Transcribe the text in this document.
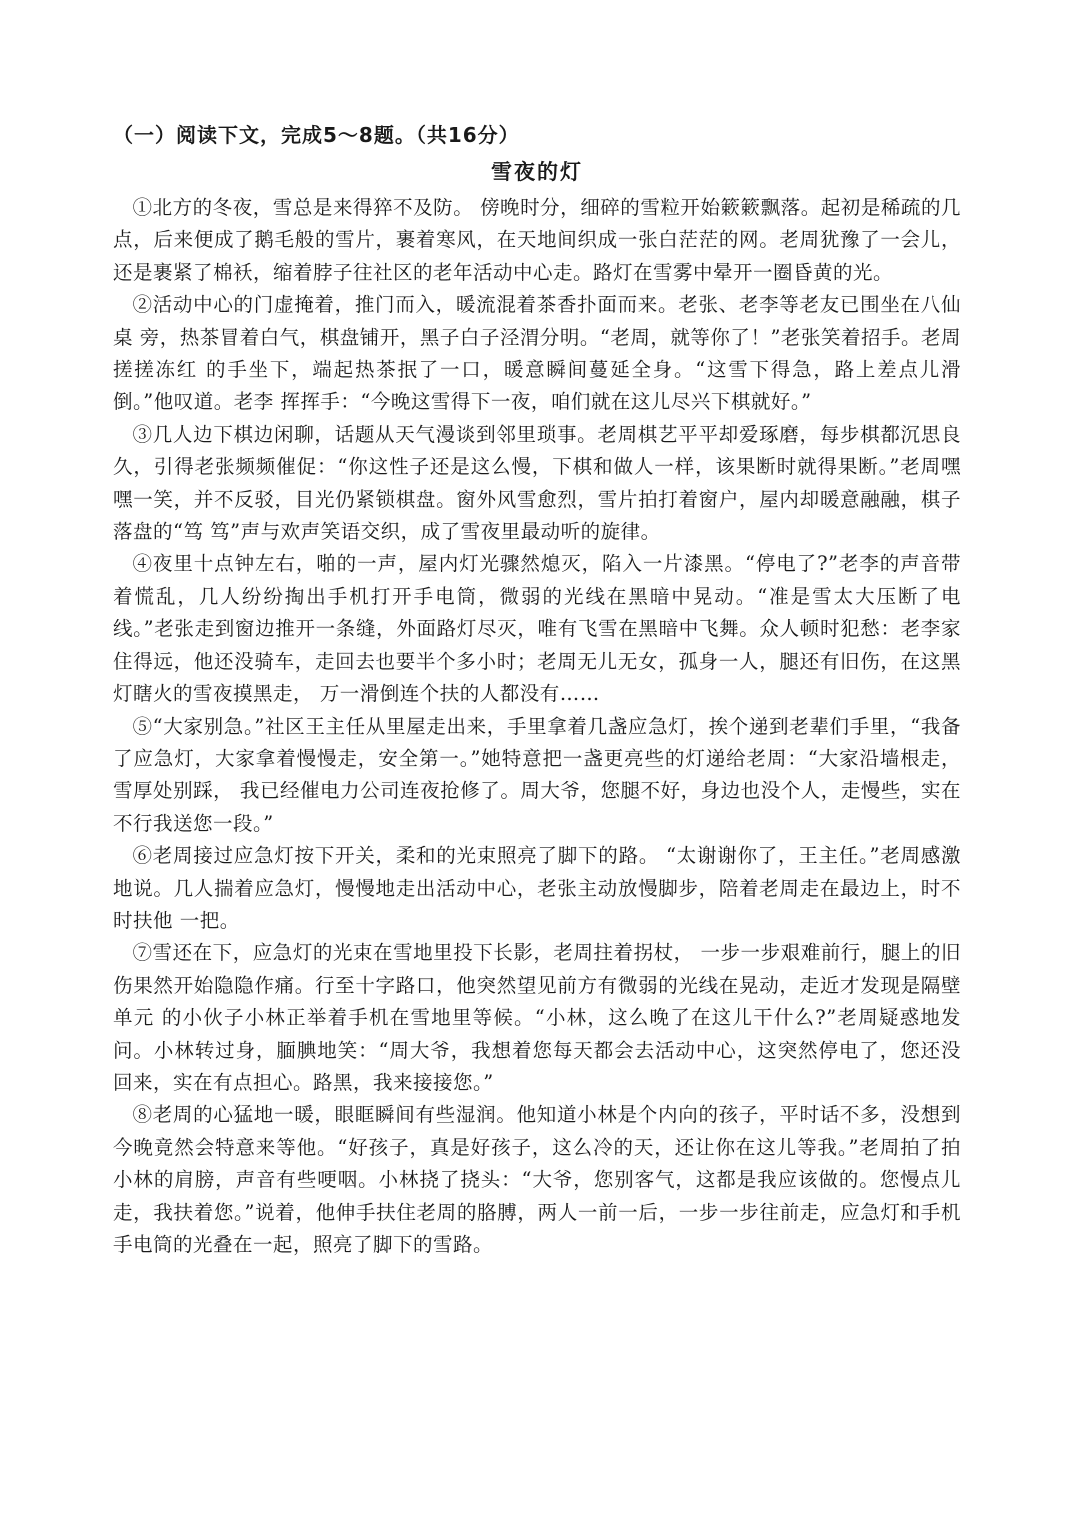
（一）阅读下文，完成5～8题。（共16分）

雪夜的灯

①北方的冬夜，雪总是来得猝不及防。 傍晚时分，细碎的雪粒开始簌簌飘落。起初是稀疏的几 点，后来便成了鹅毛般的雪片，裹着寒风，在天地间织成一张白茫茫的网。老周犹豫了一会儿，还是裹紧了棉袄，缩着脖子往社区的老年活动中心走。路灯在雪雾中晕开一圈昏黄的光。

②活动中心的门虚掩着，推门而入，暖流混着茶香扑面而来。老张、老李等老友已围坐在八仙桌 旁，热茶冒着白气，棋盘铺开，黑子白子泾渭分明。“老周，就等你了！”老张笑着招手。老周搓搓冻红 的手坐下，端起热茶抿了一口，暖意瞬间蔓延全身。“这雪下得急，路上差点儿滑倒。”他叹道。老李 挥挥手：“今晚这雪得下一夜，咱们就在这儿尽兴下棋就好。”

③几人边下棋边闲聊，话题从天气漫谈到邻里琐事。老周棋艺平平却爱琢磨，每步棋都沉思良久，引得老张频频催促：“你这性子还是这么慢，下棋和做人一样，该果断时就得果断。”老周嘿嘿一笑，并不反驳，目光仍紧锁棋盘。窗外风雪愈烈，雪片拍打着窗户，屋内却暖意融融，棋子落盘的“笃 笃”声与欢声笑语交织，成了雪夜里最动听的旋律。

④夜里十点钟左右，啪的一声，屋内灯光骤然熄灭，陷入一片漆黑。“停电了?”老李的声音带着慌乱，几人纷纷掏出手机打开手电筒，微弱的光线在黑暗中晃动。“准是雪太大压断了电线。”老张走到窗边推开一条缝，外面路灯尽灭，唯有飞雪在黑暗中飞舞。众人顿时犯愁：老李家住得远，他还没骑车，走回去也要半个多小时；老周无儿无女，孤身一人，腿还有旧伤，在这黑灯瞎火的雪夜摸黑走， 万一滑倒连个扶的人都没有……

⑤“大家别急。”社区王主任从里屋走出来，手里拿着几盏应急灯，挨个递到老辈们手里，“我备了应急灯，大家拿着慢慢走，安全第一。”她特意把一盏更亮些的灯递给老周：“大家沿墙根走，雪厚处别踩， 我已经催电力公司连夜抢修了。周大爷，您腿不好，身边也没个人，走慢些，实在不行我送您一段。”

⑥老周接过应急灯按下开关，柔和的光束照亮了脚下的路。 “太谢谢你了，王主任。”老周感激地说。几人揣着应急灯，慢慢地走出活动中心，老张主动放慢脚步，陪着老周走在最边上，时不时扶他 一把。

⑦雪还在下，应急灯的光束在雪地里投下长影，老周拄着拐杖， 一步一步艰难前行，腿上的旧伤果然开始隐隐作痛。行至十字路口，他突然望见前方有微弱的光线在晃动，走近才发现是隔壁单元 的小伙子小林正举着手机在雪地里等候。“小林，这么晚了在这儿干什么?”老周疑惑地发问。小林转过身，腼腆地笑：“周大爷，我想着您每天都会去活动中心，这突然停电了，您还没回来，实在有点担心。路黑，我来接接您。”

⑧老周的心猛地一暖，眼眶瞬间有些湿润。他知道小林是个内向的孩子，平时话不多，没想到今晚竟然会特意来等他。“好孩子，真是好孩子，这么冷的天，还让你在这儿等我。”老周拍了拍小林的肩膀，声音有些哽咽。小林挠了挠头：“大爷，您别客气，这都是我应该做的。您慢点儿走，我扶着您。”说着，他伸手扶住老周的胳膊，两人一前一后，一步一步往前走，应急灯和手机手电筒的光叠在一起，照亮了脚下的雪路。
